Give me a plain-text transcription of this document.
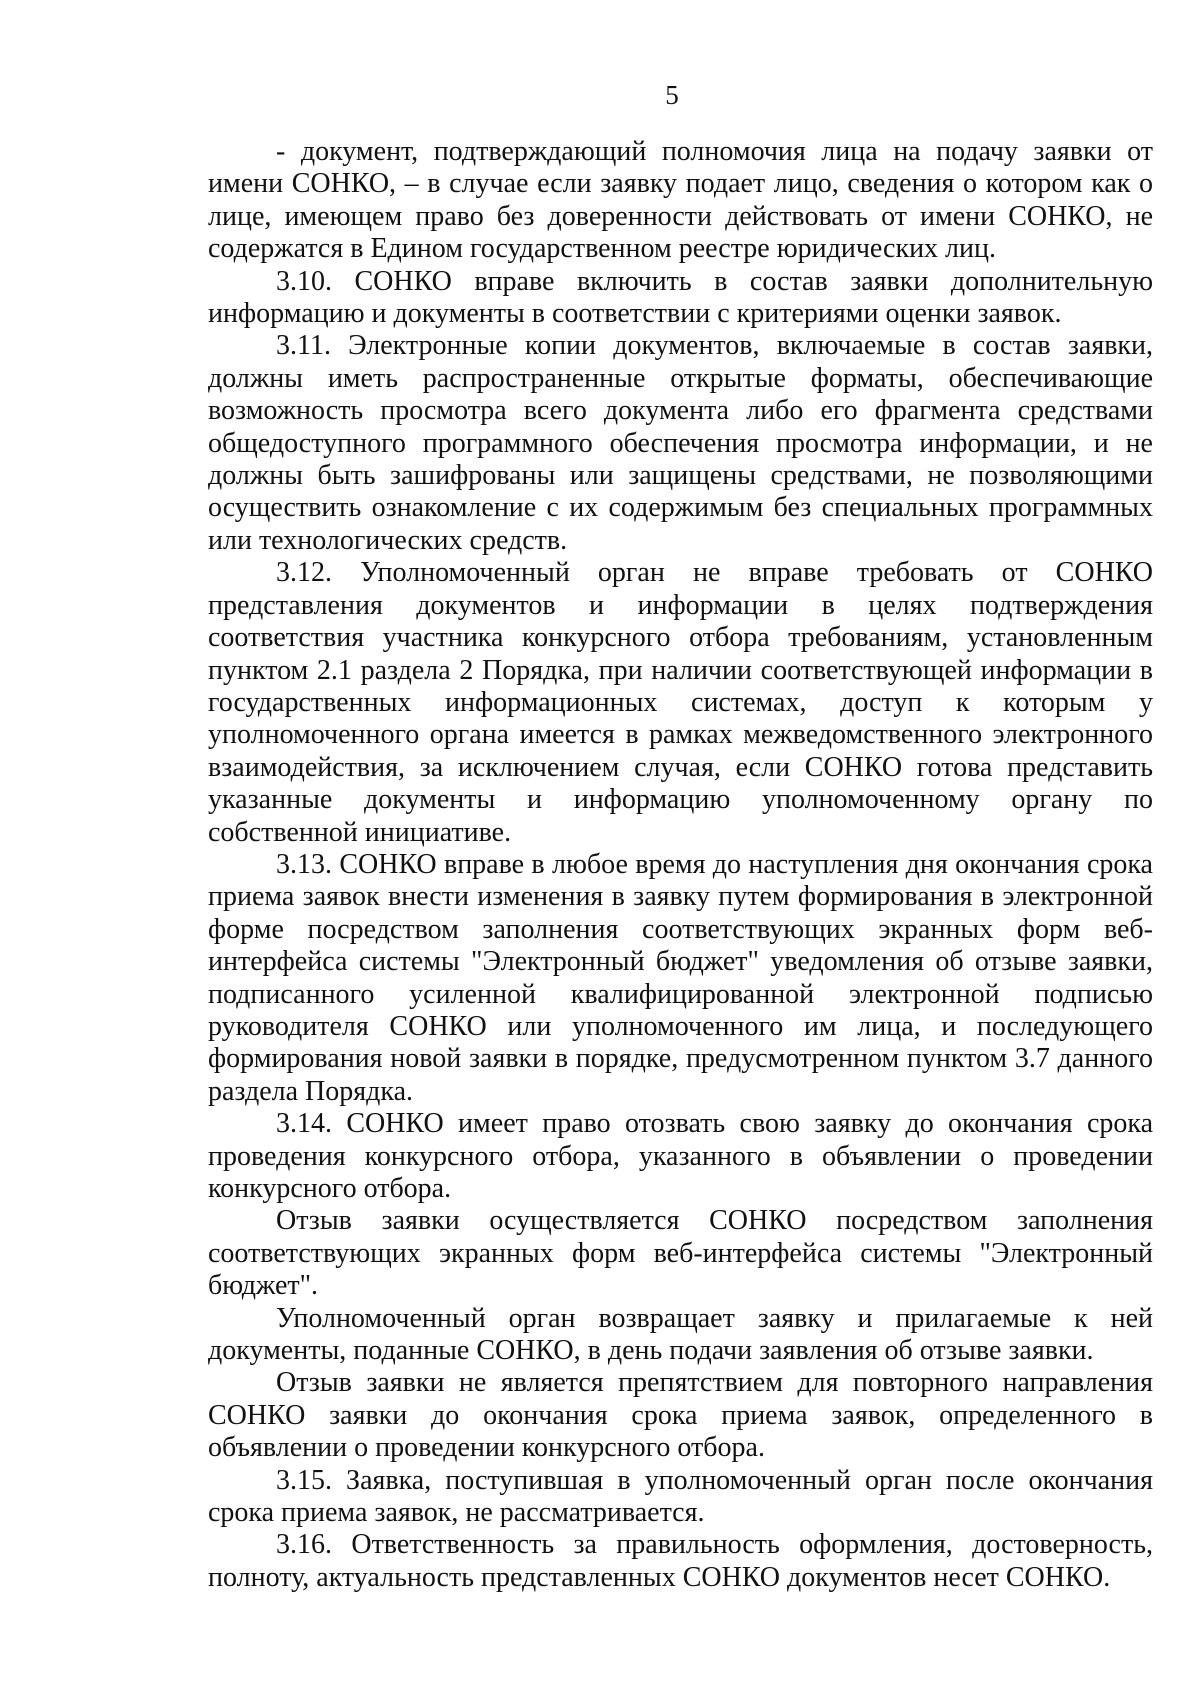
5

- документ, подтверждающий полномочия лица на подачу заявки от имени СОНКО, – в случае если заявку подает лицо, сведения о котором как о лице, имеющем право без доверенности действовать от имени СОНКО, не содержатся в Едином государственном реестре юридических лиц.

3.10. СОНКО вправе включить в состав заявки дополнительную информацию и документы в соответствии с критериями оценки заявок.

3.11. Электронные копии документов, включаемые в состав заявки, должны иметь распространенные открытые форматы, обеспечивающие возможность просмотра всего документа либо его фрагмента средствами общедоступного программного обеспечения просмотра информации, и не должны быть зашифрованы или защищены средствами, не позволяющими осуществить ознакомление с их содержимым без специальных программных или технологических средств.

3.12. Уполномоченный орган не вправе требовать от СОНКО представления документов и информации в целях подтверждения соответствия участника конкурсного отбора требованиям, установленным пунктом 2.1 раздела 2 Порядка, при наличии соответствующей информации в государственных информационных системах, доступ к которым у уполномоченного органа имеется в рамках межведомственного электронного взаимодействия, за исключением случая, если СОНКО готова представить указанные документы и информацию уполномоченному органу по собственной инициативе.

3.13. СОНКО вправе в любое время до наступления дня окончания срока приема заявок внести изменения в заявку путем формирования в электронной форме посредством заполнения соответствующих экранных форм веб-интерфейса системы "Электронный бюджет" уведомления об отзыве заявки, подписанного усиленной квалифицированной электронной подписью руководителя СОНКО или уполномоченного им лица, и последующего формирования новой заявки в порядке, предусмотренном пунктом 3.7 данного раздела Порядка.

3.14. СОНКО имеет право отозвать свою заявку до окончания срока проведения конкурсного отбора, указанного в объявлении о проведении конкурсного отбора.

Отзыв заявки осуществляется СОНКО посредством заполнения соответствующих экранных форм веб-интерфейса системы "Электронный бюджет".

Уполномоченный орган возвращает заявку и прилагаемые к ней документы, поданные СОНКО, в день подачи заявления об отзыве заявки.

Отзыв заявки не является препятствием для повторного направления СОНКО заявки до окончания срока приема заявок, определенного в объявлении о проведении конкурсного отбора.

3.15. Заявка, поступившая в уполномоченный орган после окончания срока приема заявок, не рассматривается.

3.16. Ответственность за правильность оформления, достоверность, полноту, актуальность представленных СОНКО документов несет СОНКО.
